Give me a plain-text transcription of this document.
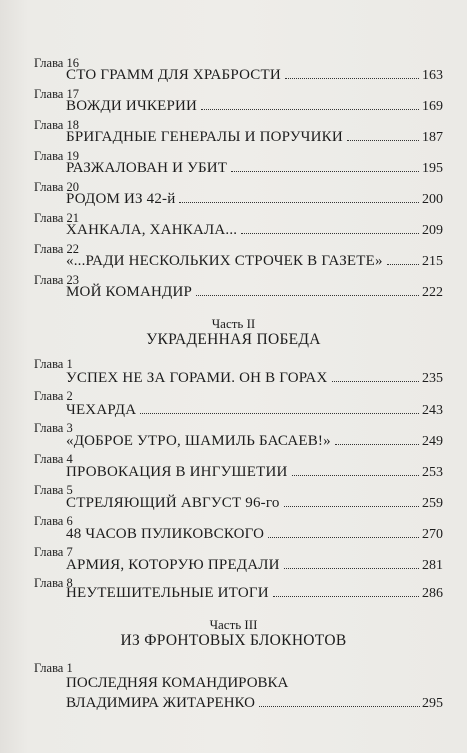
Глава 16
СТО ГРАММ ДЛЯ ХРАБРОСТИ	163
Глава 17
ВОЖДИ ИЧКЕРИИ	169
Глава 18
БРИГАДНЫЕ ГЕНЕРАЛЫ И ПОРУЧИКИ	187
Глава 19
РАЗЖАЛОВАН И УБИТ	195
Глава 20
РОДОМ ИЗ 42-й	200
Глава 21
ХАНКАЛА, ХАНКАЛА...	209
Глава 22
«...РАДИ НЕСКОЛЬКИХ СТРОЧЕК В ГАЗЕТЕ»	215
Глава 23
МОЙ КОМАНДИР	222
Часть II
УКРАДЕННАЯ ПОБЕДА
Глава 1
УСПЕХ НЕ ЗА ГОРАМИ. ОН В ГОРАХ	235
Глава 2
ЧЕХАРДА	243
Глава 3
«ДОБРОЕ УТРО, ШАМИЛЬ БАСАЕВ!»	249
Глава 4
ПРОВОКАЦИЯ В ИНГУШЕТИИ	253
Глава 5
СТРЕЛЯЮЩИЙ АВГУСТ 96-го	259
Глава 6
48 ЧАСОВ ПУЛИКОВСКОГО	270
Глава 7
АРМИЯ, КОТОРУЮ ПРЕДАЛИ	281
Глава 8
НЕУТЕШИТЕЛЬНЫЕ ИТОГИ	286
Часть III
ИЗ ФРОНТОВЫХ БЛОКНОТОВ
Глава 1
ПОСЛЕДНЯЯ КОМАНДИРОВКА
ВЛАДИМИРА ЖИТАРЕНКО	295
